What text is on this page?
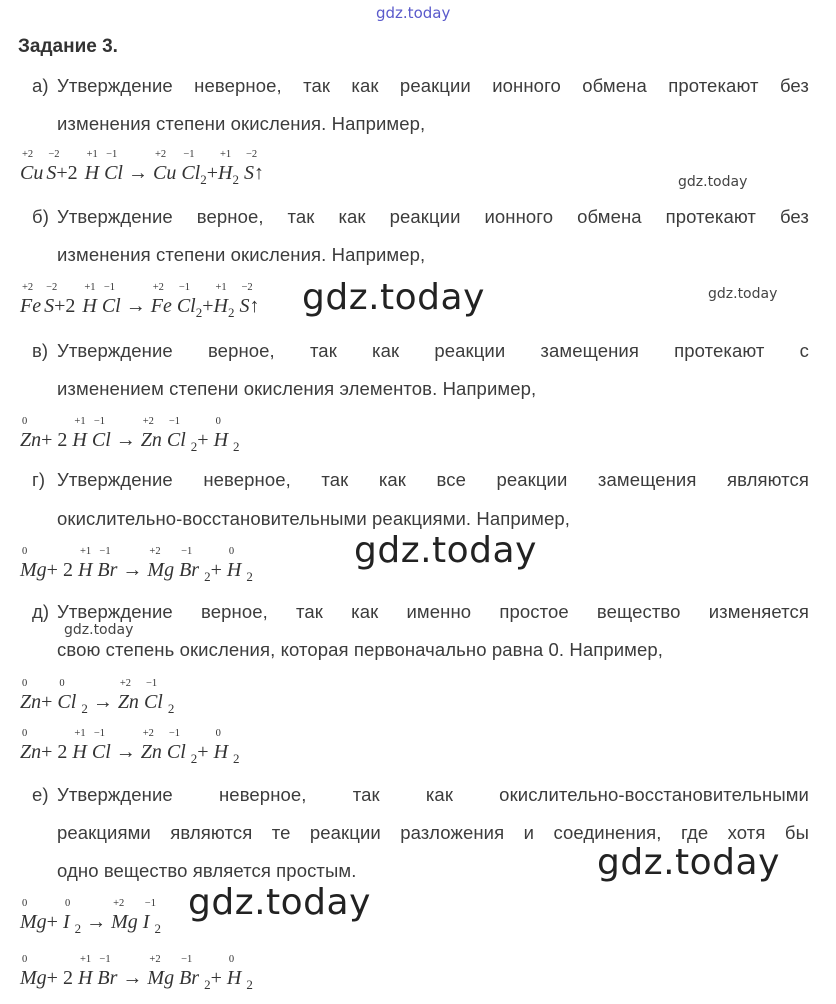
gdz.today
Задание 3.
а) Утверждение неверное, так как реакции ионного обмена протекают без
изменения степени окисления. Например,
+2
Cu
−2
S+2
+1
H
−1
Cl →
+2
Cu
−1
Cl2+
+1
H2
−2
S↑	gdz.today
б) Утверждение верное, так как реакции ионного обмена протекают без
изменения степени окисления. Например,
+2
Fe
−2
S+2
+1
H
−1
Cl →
+2
Fe
−1
Cl2+
+1
H2
−2
S↑ gdz.today	gdz.today
в) Утверждение верное, так как реакции замещения протекают с
изменением степени окисления элементов. Например,
0
Zn+ 2
+1
H
−1
Cl →
+2
Zn
−1
Cl 2+
0
H 2
г) Утверждение неверное, так как все реакции замещения являются
окислительно-восстановительными реакциями. Например,
0
Mg+ 2
+1
H
−1
Br →
+2
Mg
−1
Br 2+
0
H 2
gdz.today
д) Утверждение верное, так как именно простое вещество изменяется
свою степень окисления, которая первоначально равна 0. Например,
gdz.today
0
Zn+
0
Cl 2 →
+2
Zn
−1
Cl 2
0
Zn+ 2
+1
H
−1
Cl →
+2
Zn
−1
Cl 2+
0
H 2
е) Утверждение неверное, так как окислительно-восстановительными
реакциями являются те реакции разложения и соединения, где хотя бы
одно вещество является простым.	gdz.today
0
Mg+
0
I 2 →
+2
Mg
−1
I 2
gdz.today
0
Mg+ 2
+1
H
−1
Br →
+2
Mg
−1
Br 2+
0
H 2
